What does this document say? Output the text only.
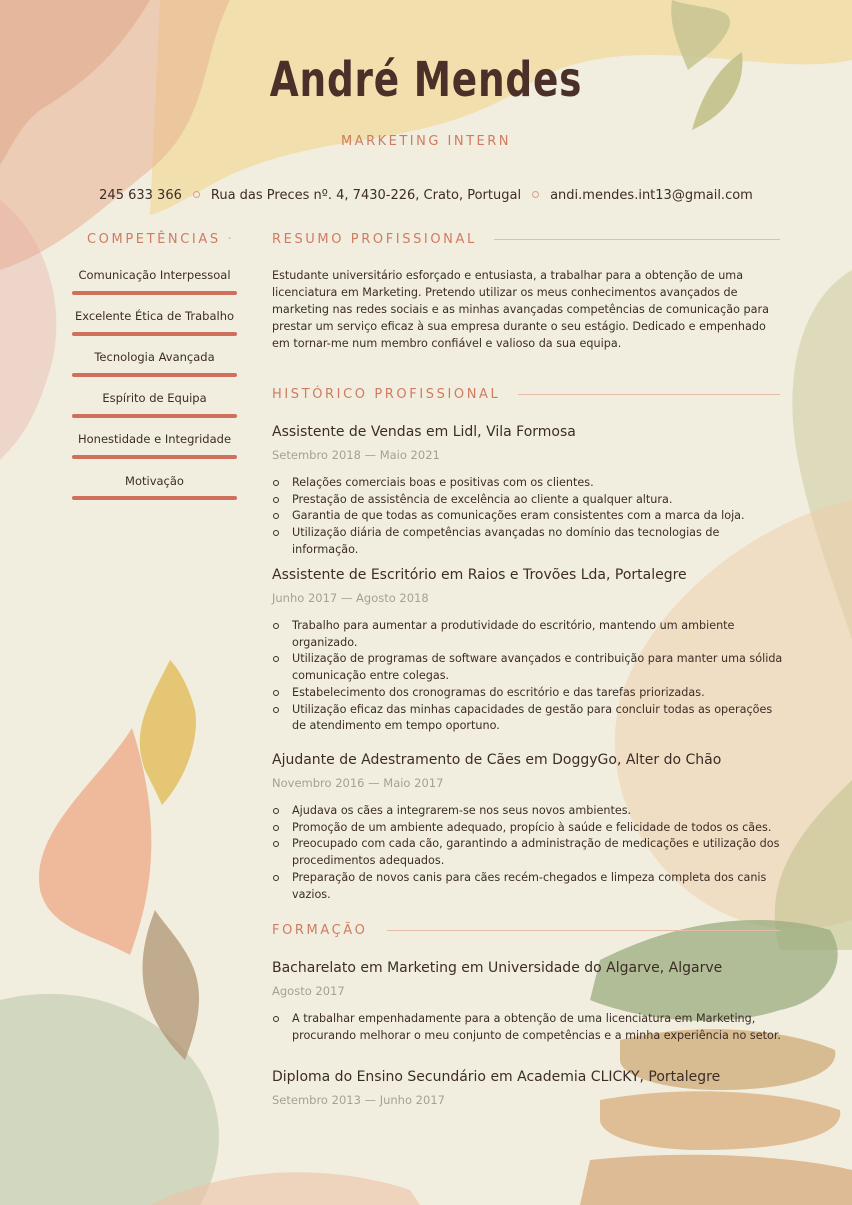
André Mendes
MARKETING INTERN
245 633 366 Rua das Preces nº. 4, 7430-226, Crato, Portugal andi.mendes.int13@gmail.com
COMPETÊNCIAS ·
Comunicação Interpessoal
Excelente Ética de Trabalho
Tecnologia Avançada
Espírito de Equipa
Honestidade e Integridade
Motivação
RESUMO PROFISSIONAL
Estudante universitário esforçado e entusiasta, a trabalhar para a obtenção de uma licenciatura em Marketing. Pretendo utilizar os meus conhecimentos avançados de marketing nas redes sociais e as minhas avançadas competências de comunicação para prestar um serviço eficaz à sua empresa durante o seu estágio. Dedicado e empenhado em tornar-me num membro confiável e valioso da sua equipa.
HISTÓRICO PROFISSIONAL
Assistente de Vendas em Lidl, Vila Formosa
Setembro 2018 — Maio 2021
Relações comerciais boas e positivas com os clientes.
Prestação de assistência de excelência ao cliente a qualquer altura.
Garantia de que todas as comunicações eram consistentes com a marca da loja.
Utilização diária de competências avançadas no domínio das tecnologias de informação.
Assistente de Escritório em Raios e Trovões Lda, Portalegre
Junho 2017 — Agosto 2018
Trabalho para aumentar a produtividade do escritório, mantendo um ambiente organizado.
Utilização de programas de software avançados e contribuição para manter uma sólida comunicação entre colegas.
Estabelecimento dos cronogramas do escritório e das tarefas priorizadas.
Utilização eficaz das minhas capacidades de gestão para concluir todas as operações de atendimento em tempo oportuno.
Ajudante de Adestramento de Cães em DoggyGo, Alter do Chão
Novembro 2016 — Maio 2017
Ajudava os cães a integrarem-se nos seus novos ambientes.
Promoção de um ambiente adequado, propício à saúde e felicidade de todos os cães.
Preocupado com cada cão, garantindo a administração de medicações e utilização dos procedimentos adequados.
Preparação de novos canis para cães recém-chegados e limpeza completa dos canis vazios.
FORMAÇÃO
Bacharelato em Marketing em Universidade do Algarve, Algarve
Agosto 2017
A trabalhar empenhadamente para a obtenção de uma licenciatura em Marketing, procurando melhorar o meu conjunto de competências e a minha experiência no setor.
Diploma do Ensino Secundário em Academia CLICKY, Portalegre
Setembro 2013 — Junho 2017
